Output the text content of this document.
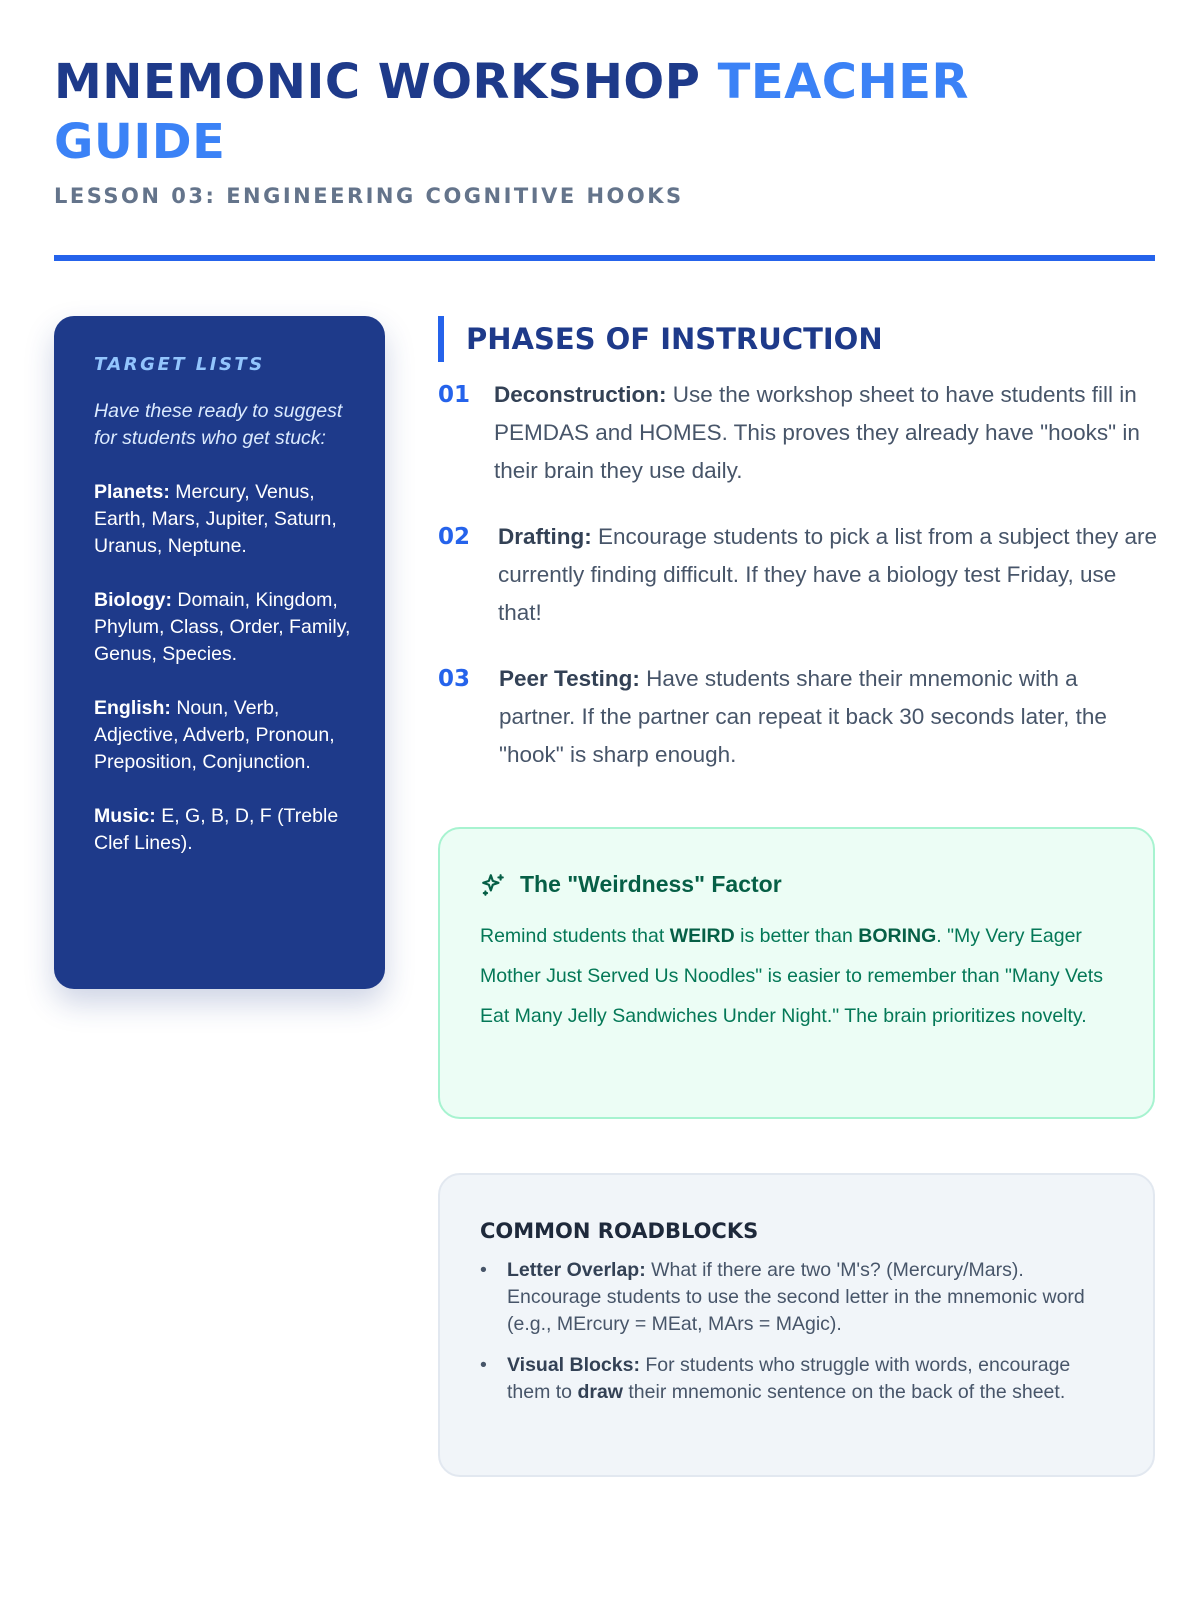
MNEMONIC WORKSHOP TEACHER
GUIDE
LESSON 03: ENGINEERING COGNITIVE HOOKS
TARGET LISTS
Have these ready to suggest for students who get stuck:
Planets: Mercury, Venus, Earth, Mars, Jupiter, Saturn, Uranus, Neptune.
Biology: Domain, Kingdom, Phylum, Class, Order, Family, Genus, Species.
English: Noun, Verb, Adjective, Adverb, Pronoun, Preposition, Conjunction.
Music: E, G, B, D, F (Treble Clef Lines).
PHASES OF INSTRUCTION
01	Deconstruction: Use the workshop sheet to have students fill in PEMDAS and HOMES. This proves they already have "hooks" in their brain they use daily.
02	Drafting: Encourage students to pick a list from a subject they are currently finding difficult. If they have a biology test Friday, use that!
03	Peer Testing: Have students share their mnemonic with a partner. If the partner can repeat it back 30 seconds later, the "hook" is sharp enough.
The "Weirdness" Factor

Remind students that WEIRD is better than BORING. "My Very Eager Mother Just Served Us Noodles" is easier to remember than "Many Vets Eat Many Jelly Sandwiches Under Night." The brain prioritizes novelty.

COMMON ROADBLOCKS
• Letter Overlap: What if there are two 'M's? (Mercury/Mars). Encourage students to use the second letter in the mnemonic word (e.g., MErcury = MEat, MArs = MAgic).
• Visual Blocks: For students who struggle with words, encourage them to draw their mnemonic sentence on the back of the sheet.
